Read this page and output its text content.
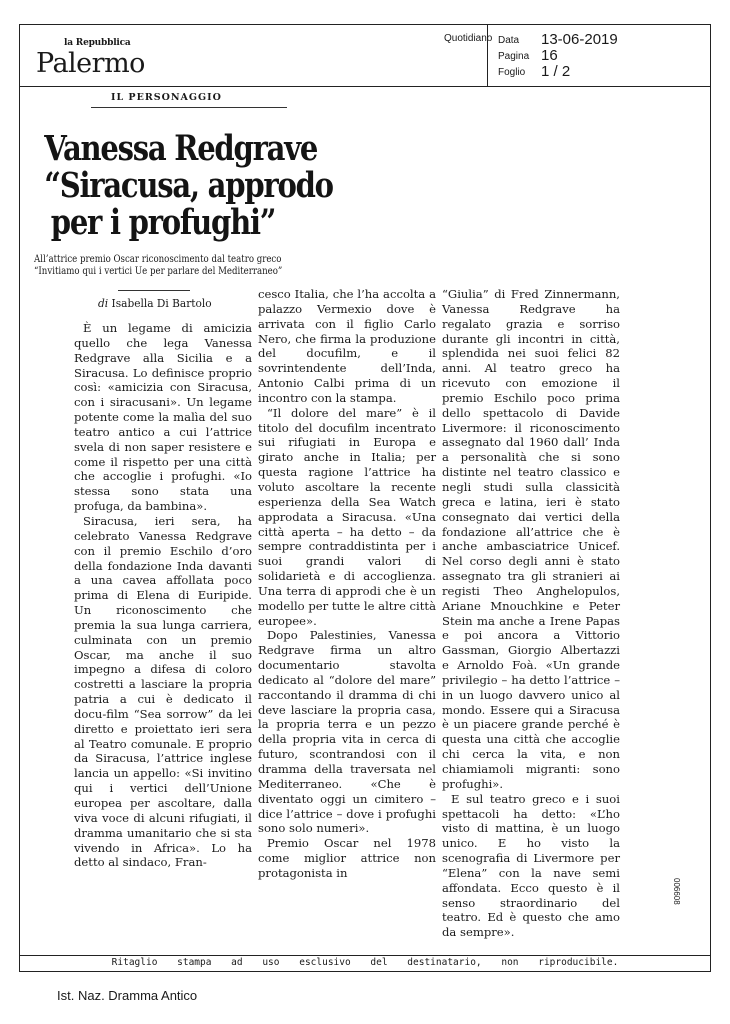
la Repubblica
Palermo
Quotidiano Data 13-06-2019
Pagina 16
Foglio 1 / 2
IL PERSONAGGIO
Vanessa Redgrave
“Siracusa, approdo
per i profughi”
All’attrice premio Oscar riconoscimento dal teatro greco
“Invitiamo qui i vertici Ue per parlare del Mediterraneo”
di Isabella Di Bartolo

È un legame di amicizia quello che lega Vanessa Redgrave alla Sicilia e a Siracusa. Lo definisce proprio così: «amicizia con Siracusa, con i siracusani». Un legame potente come la malìa del suo teatro antico a cui l’attrice svela di non saper resistere e come il rispetto per una città che accoglie i profughi. «Io stessa sono stata una profuga, da bambina».

Siracusa, ieri sera, ha celebrato Vanessa Redgrave con il premio Eschilo d’oro della fondazione Inda davanti a una cavea affollata poco prima di Elena di Euripide. Un riconoscimento che premia la sua lunga carriera, culminata con un premio Oscar, ma anche il suo impegno a difesa di coloro costretti a lasciare la propria patria a cui è dedicato il docu-film “Sea sorrow” da lei diretto e proiettato ieri sera al Teatro comunale. E proprio da Siracusa, l’attrice inglese lancia un appello: «Si invitino qui i vertici dell’Unione europea per ascoltare, dalla viva voce di alcuni rifugiati, il dramma umanitario che si sta vivendo in Africa». Lo ha detto al sindaco, Fran-

cesco Italia, che l’ha accolta a palazzo Vermexio dove è arrivata con il figlio Carlo Nero, che firma la produzione del docufilm, e il sovrintendente dell’Inda, Antonio Calbi prima di un incontro con la stampa.

“Il dolore del mare” è il titolo del docufilm incentrato sui rifugiati in Europa e girato anche in Italia; per questa ragione l’attrice ha voluto ascoltare la recente esperienza della Sea Watch approdata a Siracusa. «Una città aperta – ha detto – da sempre contraddistinta per i suoi grandi valori di solidarietà e di accoglienza. Una terra di approdi che è un modello per tutte le altre città europee».

Dopo Palestinies, Vanessa Redgrave firma un altro documentario stavolta dedicato al “dolore del mare” raccontando il dramma di chi deve lasciare la propria casa, la propria terra e un pezzo della propria vita in cerca di futuro, scontrandosi con il dramma della traversata nel Mediterraneo. «Che è diventato oggi un cimitero – dice l’attrice – dove i profughi sono solo numeri».

Premio Oscar nel 1978 come miglior attrice non protagonista in

“Giulia” di Fred Zinnermann, Vanessa Redgrave ha regalato grazia e sorriso durante gli incontri in città, splendida nei suoi felici 82 anni. Al teatro greco ha ricevuto con emozione il premio Eschilo poco prima dello spettacolo di Davide Livermore: il riconoscimento assegnato dal 1960 dall’ Inda a personalità che si sono distinte nel teatro classico e negli studi sulla classicità greca e latina, ieri è stato consegnato dai vertici della fondazione all’attrice che è anche ambasciatrice Unicef. Nel corso degli anni è stato assegnato tra gli stranieri ai registi Theo Anghelopulos, Ariane Mnouchkine e Peter Stein ma anche a Irene Papas e poi ancora a Vittorio Gassman, Giorgio Albertazzi e Arnoldo Foà. «Un grande privilegio – ha detto l’attrice – in un luogo davvero unico al mondo. Essere qui a Siracusa è un piacere grande perché è questa una città che accoglie chi cerca la vita, e non chiamiamoli migranti: sono profughi».

E sul teatro greco e i suoi spettacoli ha detto: «L’ho visto di mattina, è un luogo unico. E ho visto la scenografia di Livermore per “Elena” con la nave semi affondata. Ecco questo è il senso straordinario del teatro. Ed è questo che amo da sempre».

006608
Ritaglio stampa ad uso esclusivo del destinatario, non riproducibile.
Ist. Naz. Dramma Antico
